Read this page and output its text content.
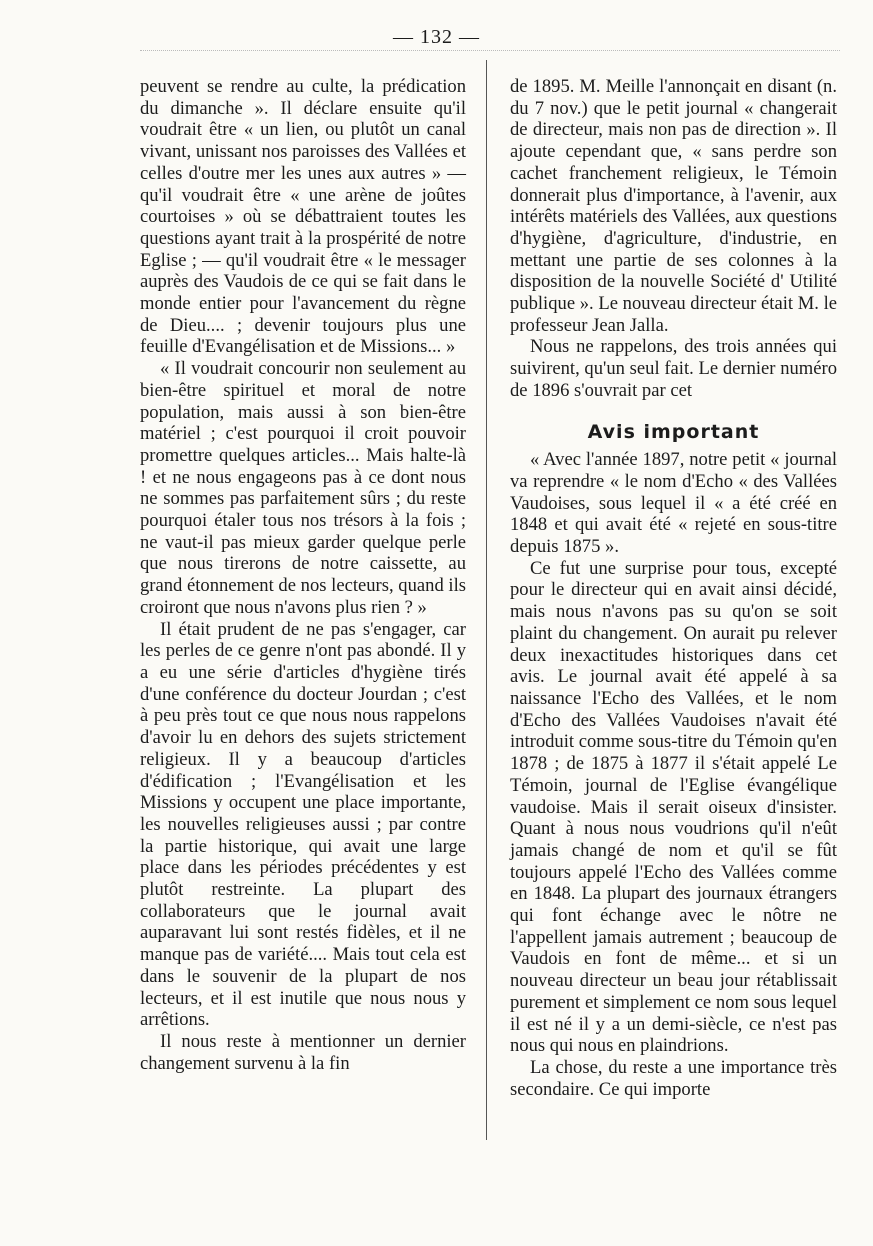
— 132 —

peuvent se rendre au culte, la prédication du dimanche ». Il déclare ensuite qu'il voudrait être « un lien, ou plutôt un canal vivant, unissant nos paroisses des Vallées et celles d'outre mer les unes aux autres » — qu'il voudrait être « une arène de joûtes courtoises » où se débattraient toutes les questions ayant trait à la prospérité de notre Eglise ; — qu'il voudrait être « le messager auprès des Vaudois de ce qui se fait dans le monde entier pour l'avancement du règne de Dieu.... ; devenir toujours plus une feuille d'Evangélisation et de Missions... »

« Il voudrait concourir non seulement au bien-être spirituel et moral de notre population, mais aussi à son bien-être matériel ; c'est pourquoi il croit pouvoir promettre quelques articles... Mais halte-là ! et ne nous engageons pas à ce dont nous ne sommes pas parfaitement sûrs ; du reste pourquoi étaler tous nos trésors à la fois ; ne vaut-il pas mieux garder quelque perle que nous tirerons de notre caissette, au grand étonnement de nos lecteurs, quand ils croiront que nous n'avons plus rien ? »

Il était prudent de ne pas s'engager, car les perles de ce genre n'ont pas abondé. Il y a eu une série d'articles d'hygiène tirés d'une conférence du docteur Jourdan ; c'est à peu près tout ce que nous nous rappelons d'avoir lu en dehors des sujets strictement religieux. Il y a beaucoup d'articles d'édification ; l'Evangélisation et les Missions y occupent une place importante, les nouvelles religieuses aussi ; par contre la partie historique, qui avait une large place dans les périodes précédentes y est plutôt restreinte. La plupart des collaborateurs que le journal avait auparavant lui sont restés fidèles, et il ne manque pas de variété.... Mais tout cela est dans le souvenir de la plupart de nos lecteurs, et il est inutile que nous nous y arrêtions.

Il nous reste à mentionner un dernier changement survenu à la fin

de 1895. M. Meille l'annonçait en disant (n. du 7 nov.) que le petit journal « changerait de directeur, mais non pas de direction ». Il ajoute cependant que, « sans perdre son cachet franchement religieux, le Témoin donnerait plus d'importance, à l'avenir, aux intérêts matériels des Vallées, aux questions d'hygiène, d'agriculture, d'industrie, en mettant une partie de ses colonnes à la disposition de la nouvelle Société d' Utilité publique ». Le nouveau directeur était M. le professeur Jean Jalla.

Nous ne rappelons, des trois années qui suivirent, qu'un seul fait. Le dernier numéro de 1896 s'ouvrait par cet

Avis important

« Avec l'année 1897, notre petit « journal va reprendre « le nom d'Echo « des Vallées Vaudoises, sous lequel il « a été créé en 1848 et qui avait été « rejeté en sous-titre depuis 1875 ».

Ce fut une surprise pour tous, excepté pour le directeur qui en avait ainsi décidé, mais nous n'avons pas su qu'on se soit plaint du changement. On aurait pu relever deux inexactitudes historiques dans cet avis. Le journal avait été appelé à sa naissance l'Echo des Vallées, et le nom d'Echo des Vallées Vaudoises n'avait été introduit comme sous-titre du Témoin qu'en 1878 ; de 1875 à 1877 il s'était appelé Le Témoin, journal de l'Eglise évangélique vaudoise. Mais il serait oiseux d'insister. Quant à nous nous voudrions qu'il n'eût jamais changé de nom et qu'il se fût toujours appelé l'Echo des Vallées comme en 1848. La plupart des journaux étrangers qui font échange avec le nôtre ne l'appellent jamais autrement ; beaucoup de Vaudois en font de même... et si un nouveau directeur un beau jour rétablissait purement et simplement ce nom sous lequel il est né il y a un demi-siècle, ce n'est pas nous qui nous en plaindrions.

La chose, du reste a une importance très secondaire. Ce qui importe
